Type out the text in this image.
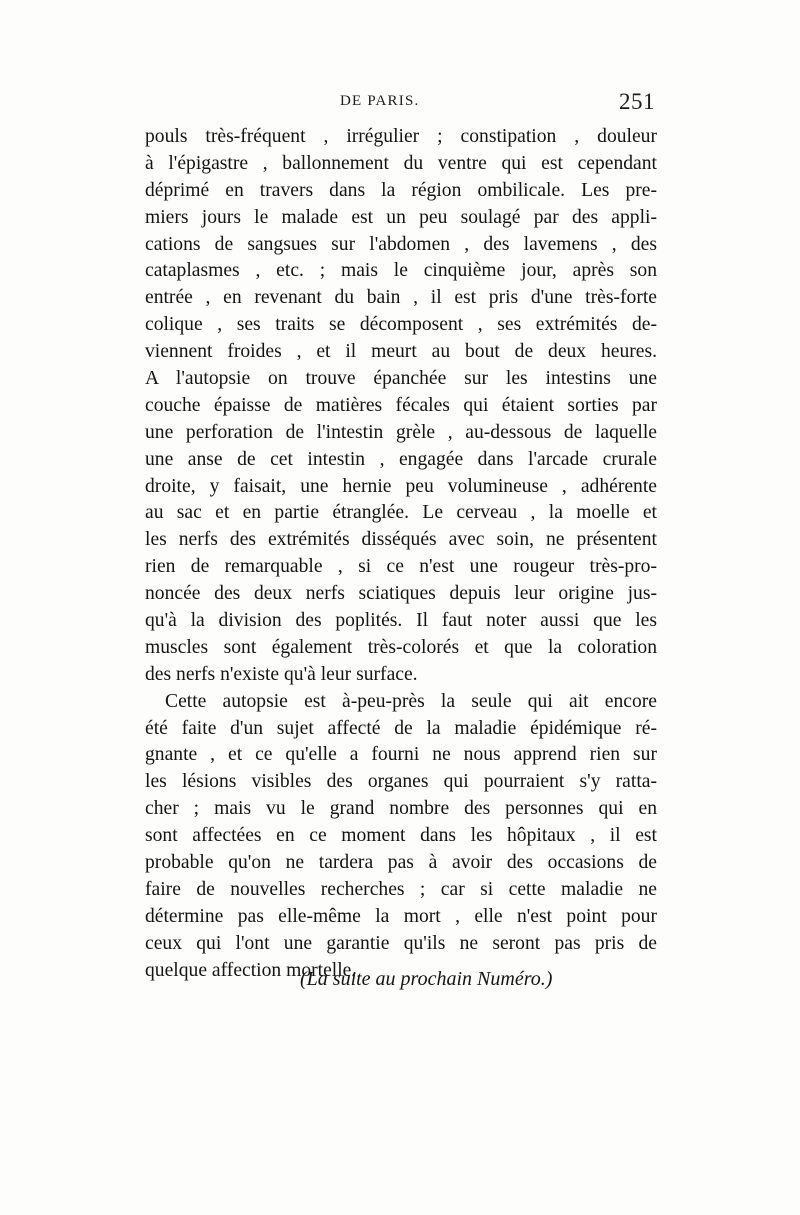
DE PARIS.	251
pouls très-fréquent , irrégulier ; constipation , douleur
à l'épigastre , ballonnement du ventre qui est cependant
déprimé en travers dans la région ombilicale. Les pre-
miers jours le malade est un peu soulagé par des appli-
cations de sangsues sur l'abdomen , des lavemens , des
cataplasmes , etc. ; mais le cinquième jour, après son
entrée , en revenant du bain , il est pris d'une très-forte
colique , ses traits se décomposent , ses extrémités de-
viennent froides , et il meurt au bout de deux heures.
A l'autopsie on trouve épanchée sur les intestins une
couche épaisse de matières fécales qui étaient sorties par
une perforation de l'intestin grèle , au-dessous de laquelle
une anse de cet intestin , engagée dans l'arcade crurale
droite, y faisait, une hernie peu volumineuse , adhérente
au sac et en partie étranglée. Le cerveau , la moelle et
les nerfs des extrémités disséqués avec soin, ne présentent
rien de remarquable , si ce n'est une rougeur très-pro-
noncée des deux nerfs sciatiques depuis leur origine jus-
qu'à la division des poplités. Il faut noter aussi que les
muscles sont également très-colorés et que la coloration
des nerfs n'existe qu'à leur surface.
Cette autopsie est à-peu-près la seule qui ait encore
été faite d'un sujet affecté de la maladie épidémique ré-
gnante , et ce qu'elle a fourni ne nous apprend rien sur
les lésions visibles des organes qui pourraient s'y ratta-
cher ; mais vu le grand nombre des personnes qui en
sont affectées en ce moment dans les hôpitaux , il est
probable qu'on ne tardera pas à avoir des occasions de
faire de nouvelles recherches ; car si cette maladie ne
détermine pas elle-même la mort , elle n'est point pour
ceux qui l'ont une garantie qu'ils ne seront pas pris de
quelque affection mortelle.
(La suite au prochain Numéro.)
